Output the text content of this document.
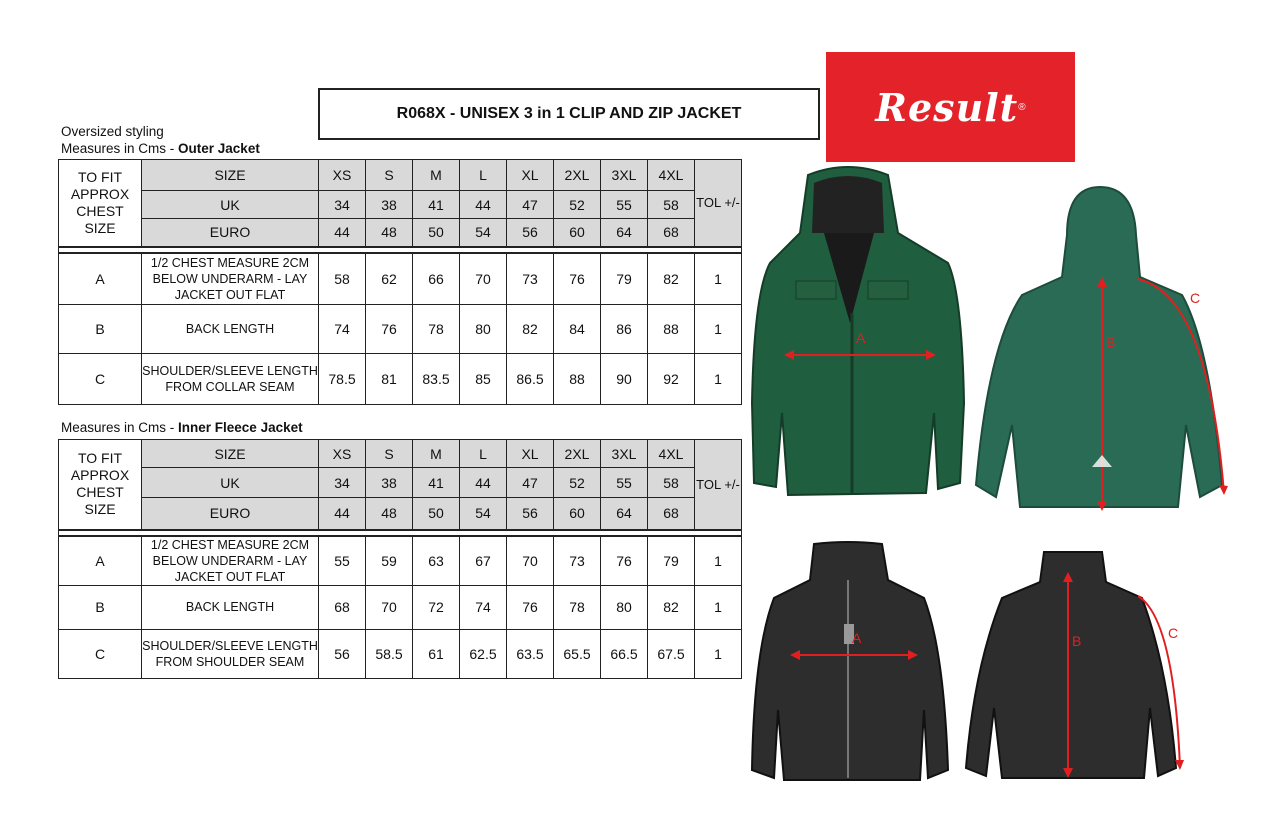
R068X - UNISEX 3 in 1 CLIP AND ZIP JACKET	Result ®
Oversized styling
Measures in Cms - Outer Jacket
Measures in Cms - Inner Fleece Jacket
TO FIT APPROX CHEST SIZE	SIZE	XS	S	M	L	XL	2XL	3XL	4XL	TOL +/-
	UK	34	38	41	44	47	52	55	58	
	EURO	44	48	50	54	56	60	64	68	

A	1/2 CHEST MEASURE 2CM BELOW UNDERARM - LAY JACKET OUT FLAT	58	62	66	70	73	76	79	82	1
B	BACK LENGTH	74	76	78	80	82	84	86	88	1
C	SHOULDER/SLEEVE LENGTH FROM COLLAR SEAM	78.5	81	83.5	85	86.5	88	90	92	1
TO FIT APPROX CHEST SIZE	SIZE	XS	S	M	L	XL	2XL	3XL	4XL	TOL +/-
	UK	34	38	41	44	47	52	55	58	
	EURO	44	48	50	54	56	60	64	68	

A	1/2 CHEST MEASURE 2CM BELOW UNDERARM - LAY JACKET OUT FLAT	55	59	63	67	70	73	76	79	1
B	BACK LENGTH	68	70	72	74	76	78	80	82	1
C	SHOULDER/SLEEVE LENGTH FROM SHOULDER SEAM	56	58.5	61	62.5	63.5	65.5	66.5	67.5	1
A	B
C
A	B	C
